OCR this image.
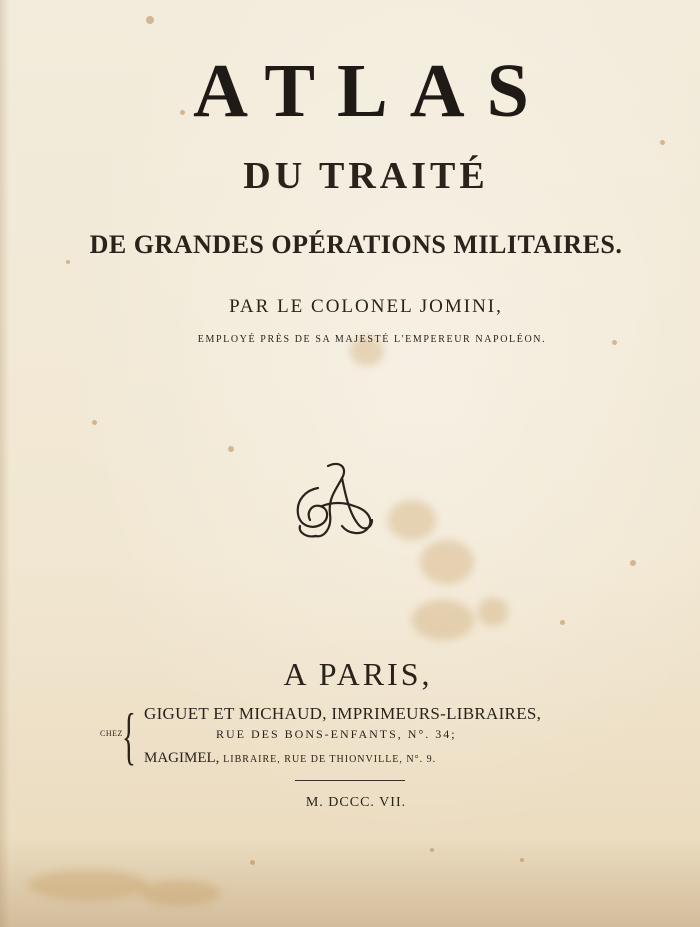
ATLAS
DU TRAITÉ
DE GRANDES OPÉRATIONS MILITAIRES.
PAR LE COLONEL JOMINI,
EMPLOYÉ PRÈS DE SA MAJESTÉ L'EMPEREUR NAPOLÉON.
A PARIS,
CHEZ { GIGUET ET MICHAUD, IMPRIMEURS-LIBRAIRES,
RUE DES BONS-ENFANTS, N°. 34;
MAGIMEL, LIBRAIRE, RUE DE THIONVILLE, N°. 9.
M. DCCC. VII.
